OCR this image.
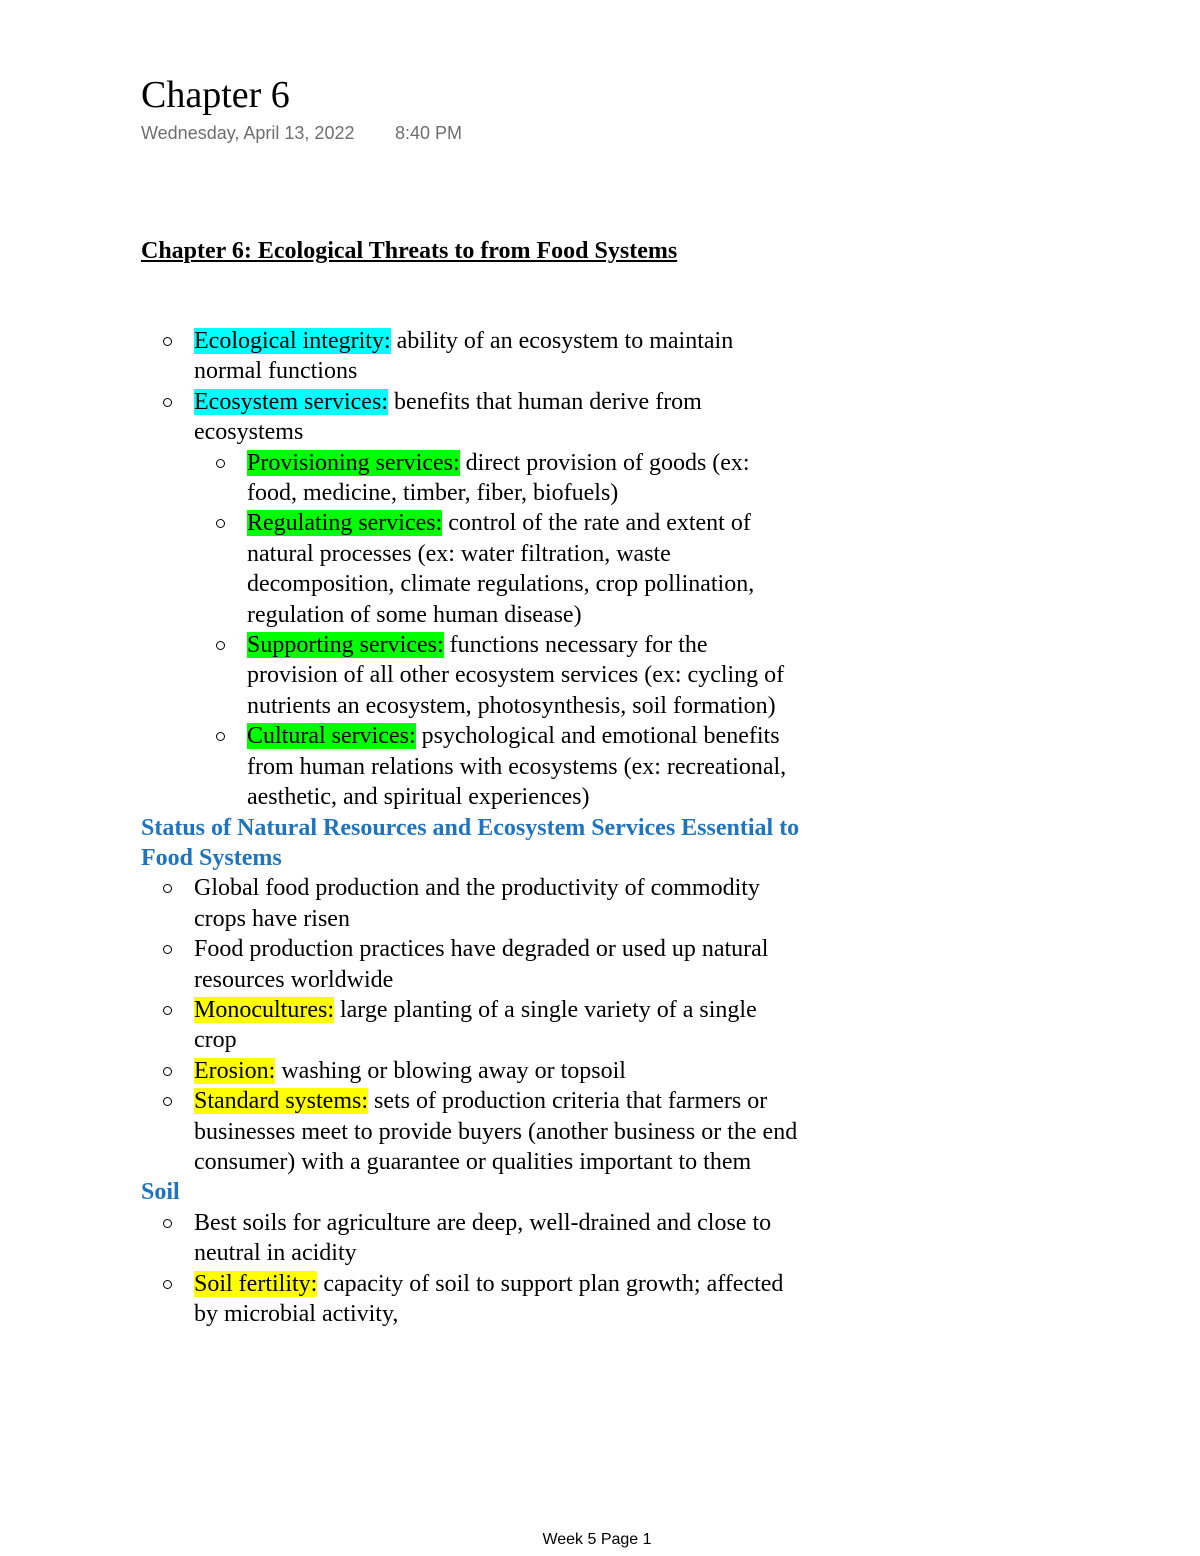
Chapter 6
Wednesday, April 13, 2022 8:40 PM
Chapter 6: Ecological Threats to from Food Systems
Ecological integrity: ability of an ecosystem to maintain normal functions
Ecosystem services: benefits that human derive from ecosystems
Provisioning services: direct provision of goods (ex: food, medicine, timber, fiber, biofuels)
Regulating services: control of the rate and extent of natural processes (ex: water filtration, waste decomposition, climate regulations, crop pollination, regulation of some human disease)
Supporting services: functions necessary for the provision of all other ecosystem services (ex: cycling of nutrients an ecosystem, photosynthesis, soil formation)
Cultural services: psychological and emotional benefits from human relations with ecosystems (ex: recreational, aesthetic, and spiritual experiences)
Status of Natural Resources and Ecosystem Services Essential to Food Systems
Global food production and the productivity of commodity crops have risen
Food production practices have degraded or used up natural resources worldwide
Monocultures: large planting of a single variety of a single crop
Erosion: washing or blowing away or topsoil
Standard systems: sets of production criteria that farmers or businesses meet to provide buyers (another business or the end consumer) with a guarantee or qualities important to them
Soil
Best soils for agriculture are deep, well-drained and close to neutral in acidity
Soil fertility: capacity of soil to support plan growth; affected by microbial activity,
Week 5 Page 1
